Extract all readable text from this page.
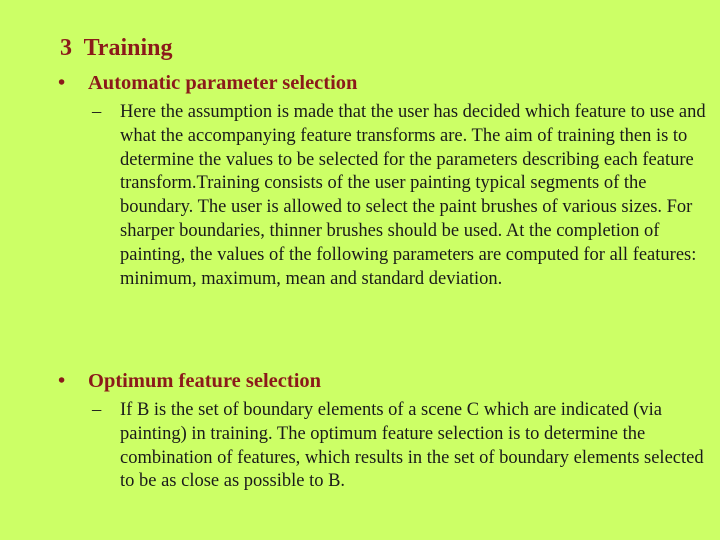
3  Training
• Automatic parameter selection
– Here the assumption is made that the user has decided which feature to use and what the accompanying feature transforms are. The aim of training then is to determine the values to be selected for the parameters describing each feature transform.Training consists of the user painting typical segments of the boundary. The user is allowed to select the paint brushes of various sizes. For sharper boundaries, thinner brushes should be used. At the completion of painting, the values of the following parameters are computed for all features: minimum, maximum, mean and standard deviation.
• Optimum feature selection
– If B is the set of boundary elements of a scene C which are indicated (via painting) in training. The optimum feature selection is to determine the combination of features, which results in the set of boundary elements selected to be as close as possible to B.
